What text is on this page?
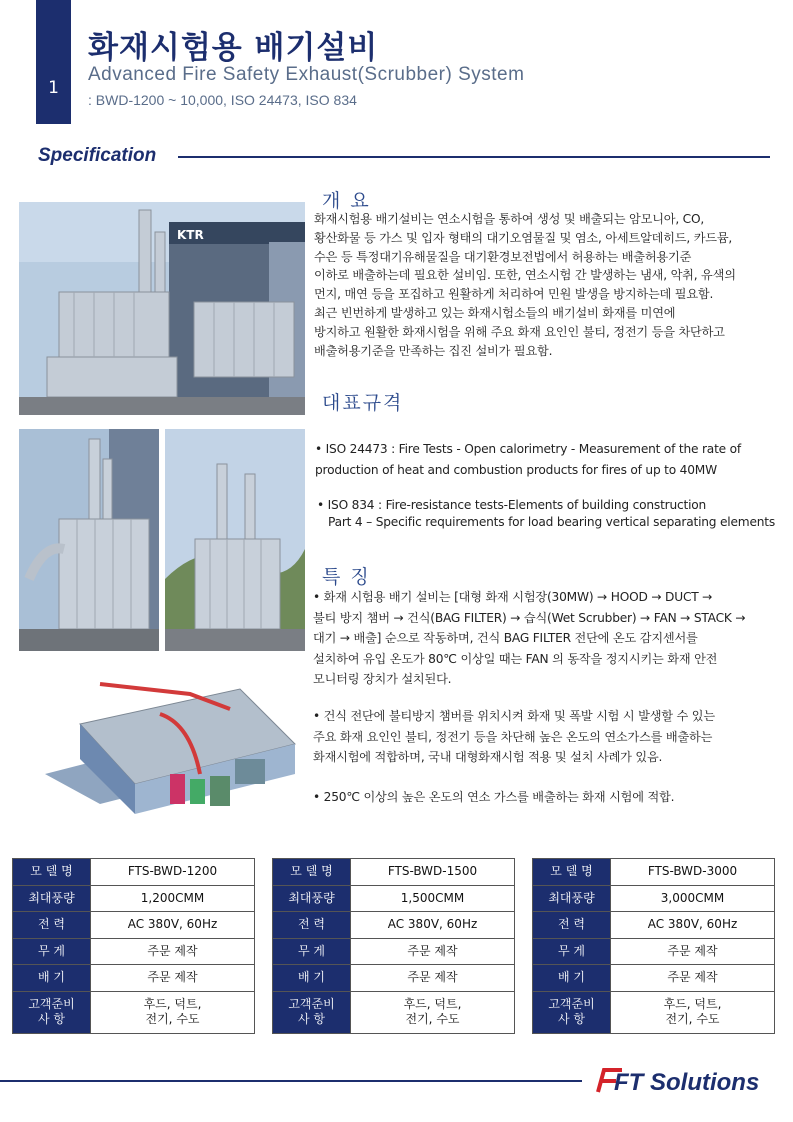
1
화재시험용 배기설비
Advanced Fire Safety Exhaust(Scrubber) System
: BWD-1200 ~ 10,000, ISO 24473, ISO 834
Specification
KTR
개 요

화재시험용 배기설비는 연소시험을 통하여 생성 및 배출되는 암모니아, CO,

황산화물 등 가스 및 입자 형태의 대기오염물질 및 염소, 아세트알데히드, 카드뮴,

수은 등 특정대기유해물질을 대기환경보전법에서 허용하는 배출허용기준

이하로 배출하는데 필요한 설비임. 또한, 연소시험 간 발생하는 냄새, 악취, 유색의

먼지, 매연 등을 포집하고 원활하게 처리하여 민원 발생을 방지하는데 필요함.

최근 빈번하게 발생하고 있는 화재시험소들의 배기설비 화재를 미연에

방지하고 원활한 화재시험을 위해 주요 화재 요인인 불티, 정전기 등을 차단하고

배출허용기준을 만족하는 집진 설비가 필요함.

대표규격

• ISO 24473 : Fire Tests - Open calorimetry - Measurement of the rate of

production of heat and combustion products for fires of up to 40MW

• ISO 834 : Fire-resistance tests-Elements of building construction

Part 4 – Specific requirements for load bearing vertical separating elements

특 징

• 화재 시험용 배기 설비는 [대형 화재 시험장(30MW) → HOOD → DUCT →

불티 방지 챔버 → 건식(BAG FILTER) → 습식(Wet Scrubber) → FAN → STACK →

대기 → 배출] 순으로 작동하며, 건식 BAG FILTER 전단에 온도 감지센서를

설치하여 유입 온도가 80℃ 이상일 때는 FAN 의 동작을 정지시키는 화재 안전

모니터링 장치가 설치된다.

• 건식 전단에 불티방지 챔버를 위치시켜 화재 및 폭발 시험 시 발생할 수 있는

주요 화재 요인인 불티, 정전기 등을 차단해 높은 온도의 연소가스를 배출하는

화재시험에 적합하며, 국내 대형화재시험 적용 및 설치 사례가 있음.

• 250℃ 이상의 높은 온도의 연소 가스를 배출하는 화재 시험에 적합.

모 델 명	FTS-BWD-1200
최대풍량	1,200CMM
전 력	AC 380V, 60Hz
무 게	주문 제작
배 기	주문 제작
고객준비
사 항	후드, 덕트,
전기, 수도
모 델 명	FTS-BWD-1500
최대풍량	1,500CMM
전 력	AC 380V, 60Hz
무 게	주문 제작
배 기	주문 제작
고객준비
사 항	후드, 덕트,
전기, 수도
모 델 명	FTS-BWD-3000
최대풍량	3,000CMM
전 력	AC 380V, 60Hz
무 게	주문 제작
배 기	주문 제작
고객준비
사 항	후드, 덕트,
전기, 수도
FT Solutions
